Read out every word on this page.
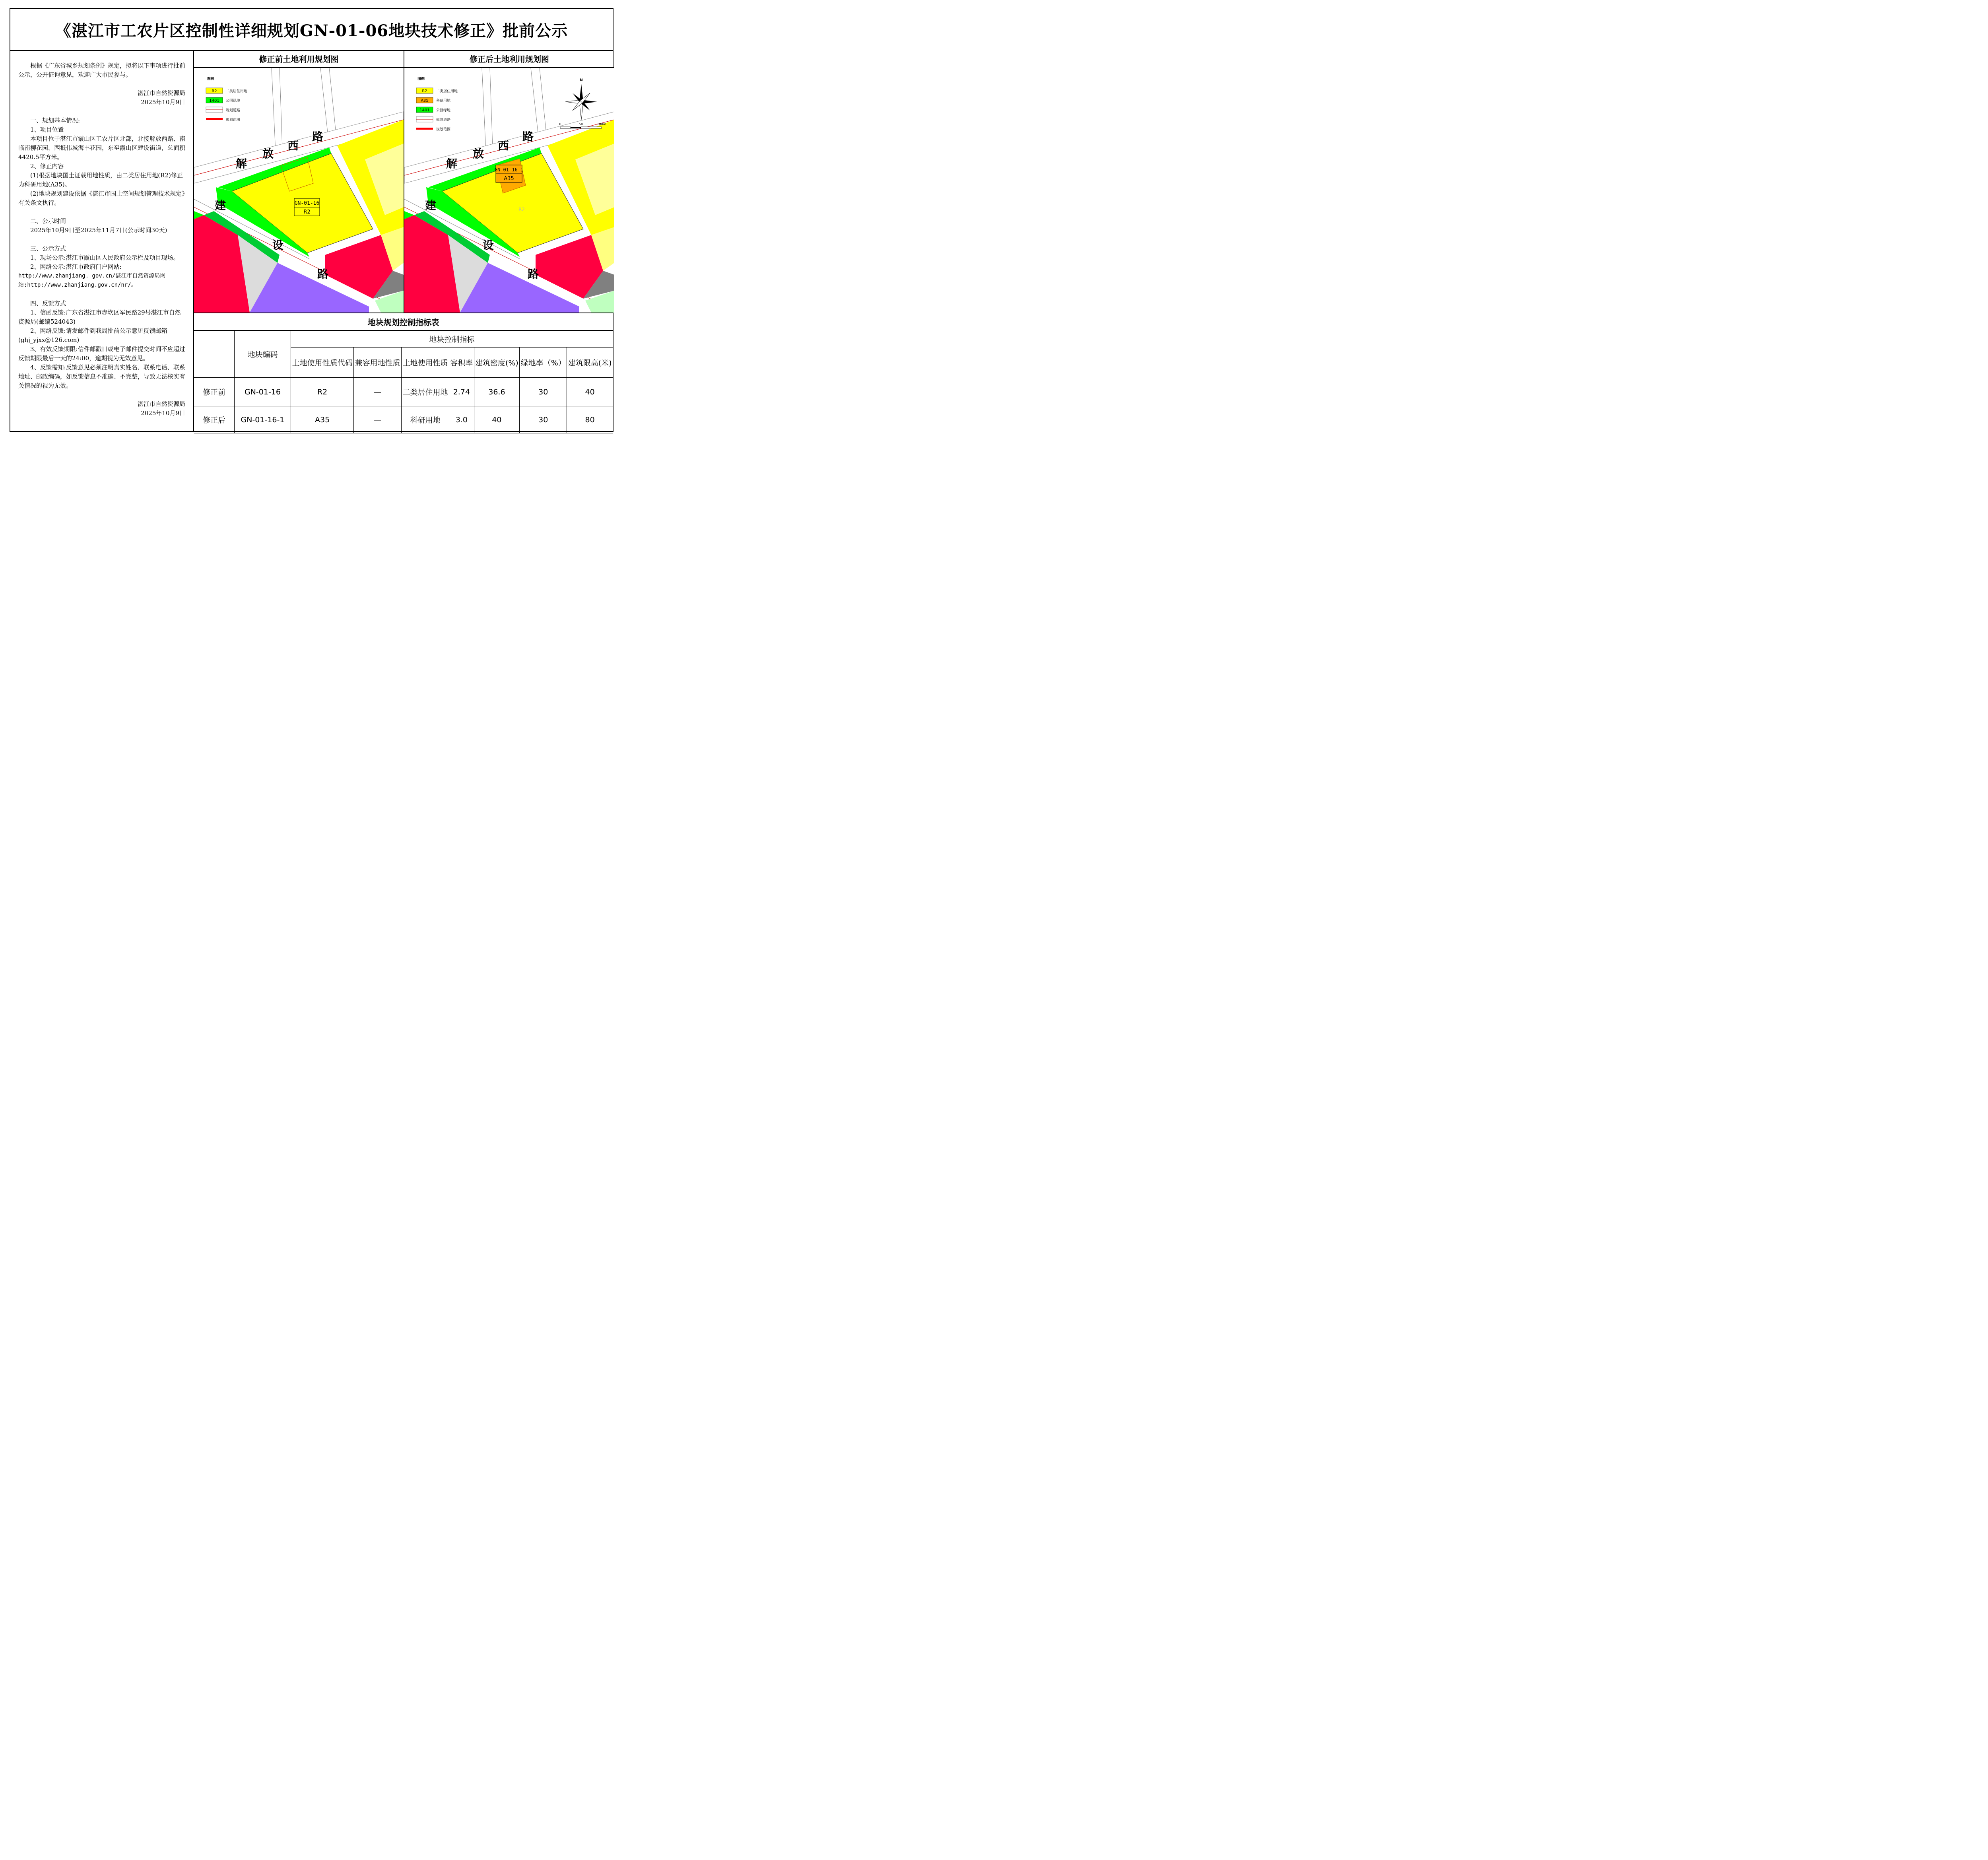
《湛江市工农片区控制性详细规划GN-01-06地块技术修正》批前公示

根据《广东省城乡规划条例》规定，拟将以下事项进行批前公示，公开征询意见，欢迎广大市民参与。

湛江市自然资源局

2025年10月9日

一、规划基本情况:

1、项目位置

本项目位于湛江市霞山区工农片区北部，北接解放西路、南临南柳花园，西抵伟城海丰花园，东至霞山区建设街道，总面积4420.5平方米。

2、修正内容

(1)根据地块国土证载用地性质，由二类居住用地(R2)修正为科研用地(A35)。

(2)地块规划建设依据《湛江市国土空间规划管理技术规定》有关条文执行。

二、公示时间

2025年10月9日至2025年11月7日(公示时间30天)

三、公示方式

1、现场公示:湛江市霞山区人民政府公示栏及项目现场。

2、网络公示:湛江市政府门户网站:

http://www.zhanjiang. gov.cn/湛江市自然资源局网站:http://www.zhanjiang.gov.cn/nr/。

四、反馈方式

1、信函反馈:广东省湛江市赤坎区军民路29号湛江市自然资源局(邮编524043)

2、网络反馈:请发邮件到我局批前公示意见反馈邮箱(ghj_yjxx@126.com)

3、有效反馈期限:信件邮戳日或电子邮件提交时间不应超过反馈期限最后一天的24:00，逾期视为无效意见。

4、反馈需知:反馈意见必须注明真实姓名、联系电话、联系地址、邮政编码，如反馈信息不准确、不完整，导致无法核实有关情况的视为无效。

湛江市自然资源局

2025年10月9日

修正前土地利用规划图
图例
R2 二类居住用地
1401 公园绿地
规划道路
规划范围
解
放
西
路
建
设
路
GN-01-16
R2
修正后土地利用规划图
图例
R2 二类居住用地
A35 科研用地
1401 公园绿地
规划道路
规划范围
N
0	50	100m
解
放
西
路
建
设
路
GN-01-16-1
A35
R2
地块规划控制指标表
	地块编码	地块控制指标						
		土地使用性质代码	兼容用地性质	土地使用性质	容积率	建筑密度(%)	绿地率（%）	建筑限高(米)
修正前	GN-01-16	R2	—	二类居住用地	2.74	36.6	30	40
修正后	GN-01-16-1	A35	—	科研用地	3.0	40	30	80
